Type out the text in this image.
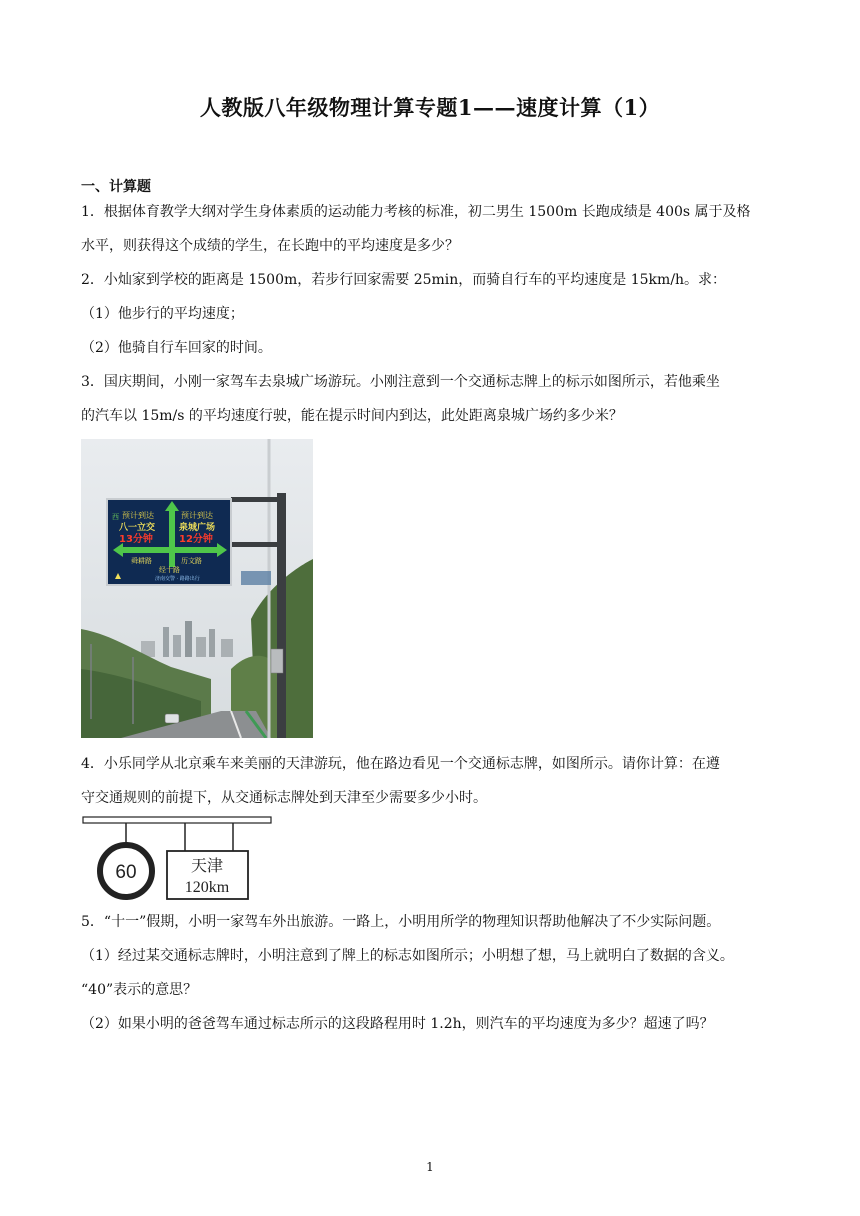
人教版八年级物理计算专题1——速度计算（1）
一、计算题
1．根据体育教学大纲对学生身体素质的运动能力考核的标准，初二男生 1500m 长跑成绩是 400s 属于及格
水平，则获得这个成绩的学生，在长跑中的平均速度是多少？
2．小灿家到学校的距离是 1500m，若步行回家需要 25min，而骑自行车的平均速度是 15km/h。求：
（1）他步行的平均速度；
（2）他骑自行车回家的时间。
3．国庆期间，小刚一家驾车去泉城广场游玩。小刚注意到一个交通标志牌上的标示如图所示，若他乘坐
的汽车以 15m/s 的平均速度行驶，能在提示时间内到达，此处距离泉城广场约多少米？
西 预计到达
八一立交
13分钟
预计到达
泉城广场
12分钟
舜耕路	历文路
经十路
济南交警 · 路路出行
4．小乐同学从北京乘车来美丽的天津游玩，他在路边看见一个交通标志牌，如图所示。请你计算：在遵
守交通规则的前提下，从交通标志牌处到天津至少需要多少小时。
60	天津
120km
5．“十一”假期，小明一家驾车外出旅游。一路上，小明用所学的物理知识帮助他解决了不少实际问题。
（1）经过某交通标志牌时，小明注意到了牌上的标志如图所示；小明想了想，马上就明白了数据的含义。
“40”表示的意思？
（2）如果小明的爸爸驾车通过标志所示的这段路程用时 1.2h，则汽车的平均速度为多少？超速了吗？
1
